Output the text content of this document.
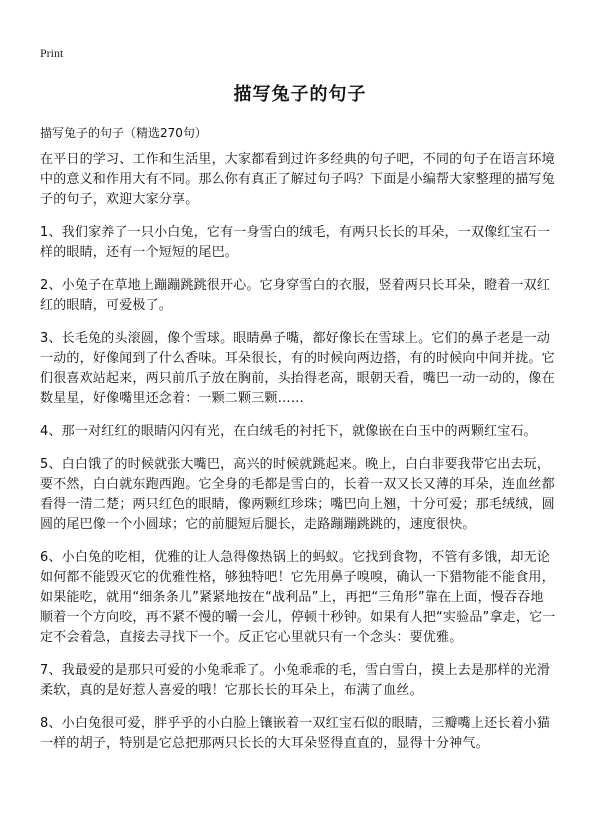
Print
描写兔子的句子
描写兔子的句子（精选270句）

在平日的学习、工作和生活里，大家都看到过许多经典的句子吧，不同的句子在语言环境中的意义和作用大有不同。那么你有真正了解过句子吗？下面是小编帮大家整理的描写兔子的句子，欢迎大家分享。

1、我们家养了一只小白兔，它有一身雪白的绒毛，有两只长长的耳朵，一双像红宝石一样的眼睛，还有一个短短的尾巴。

2、小兔子在草地上蹦蹦跳跳很开心。它身穿雪白的衣服，竖着两只长耳朵，瞪着一双红红的眼睛，可爱极了。

3、长毛兔的头滚圆，像个雪球。眼睛鼻子嘴，都好像长在雪球上。它们的鼻子老是一动一动的，好像闻到了什么香味。耳朵很长，有的时候向两边搭，有的时候向中间并拢。它们很喜欢站起来，两只前爪子放在胸前，头抬得老高，眼朝天看，嘴巴一动一动的，像在数星星，好像嘴里还念着：一颗二颗三颗……

4、那一对红红的眼睛闪闪有光，在白绒毛的衬托下，就像嵌在白玉中的两颗红宝石。

5、白白饿了的时候就张大嘴巴，高兴的时候就跳起来。晚上，白白非要我带它出去玩，要不然，白白就东跑西跑。它全身的毛都是雪白的，长着一双又长又薄的耳朵，连血丝都看得一清二楚；两只红色的眼睛，像两颗红珍珠；嘴巴向上翘，十分可爱；那毛绒绒，圆圆的尾巴像一个小圆球；它的前腿短后腿长，走路蹦蹦跳跳的，速度很快。

6、小白兔的吃相，优雅的让人急得像热锅上的蚂蚁。它找到食物，不管有多饿，却无论如何都不能毁灭它的优雅性格，够独特吧！它先用鼻子嗅嗅，确认一下猎物能不能食用，如果能吃，就用“细条条儿”紧紧地按在“战利品”上，再把“三角形”靠在上面，慢吞吞地顺着一个方向咬，再不紧不慢的嚼一会儿，停顿十秒钟。如果有人把“实验品”拿走，它一定不会着急，直接去寻找下一个。反正它心里就只有一个念头：要优雅。

7、我最爱的是那只可爱的小兔乖乖了。小兔乖乖的毛，雪白雪白，摸上去是那样的光滑柔软，真的是好惹人喜爱的哦！它那长长的耳朵上，布满了血丝。

8、小白兔很可爱，胖乎乎的小白脸上镶嵌着一双红宝石似的眼睛，三瓣嘴上还长着小猫一样的胡子，特别是它总把那两只长长的大耳朵竖得直直的，显得十分神气。
